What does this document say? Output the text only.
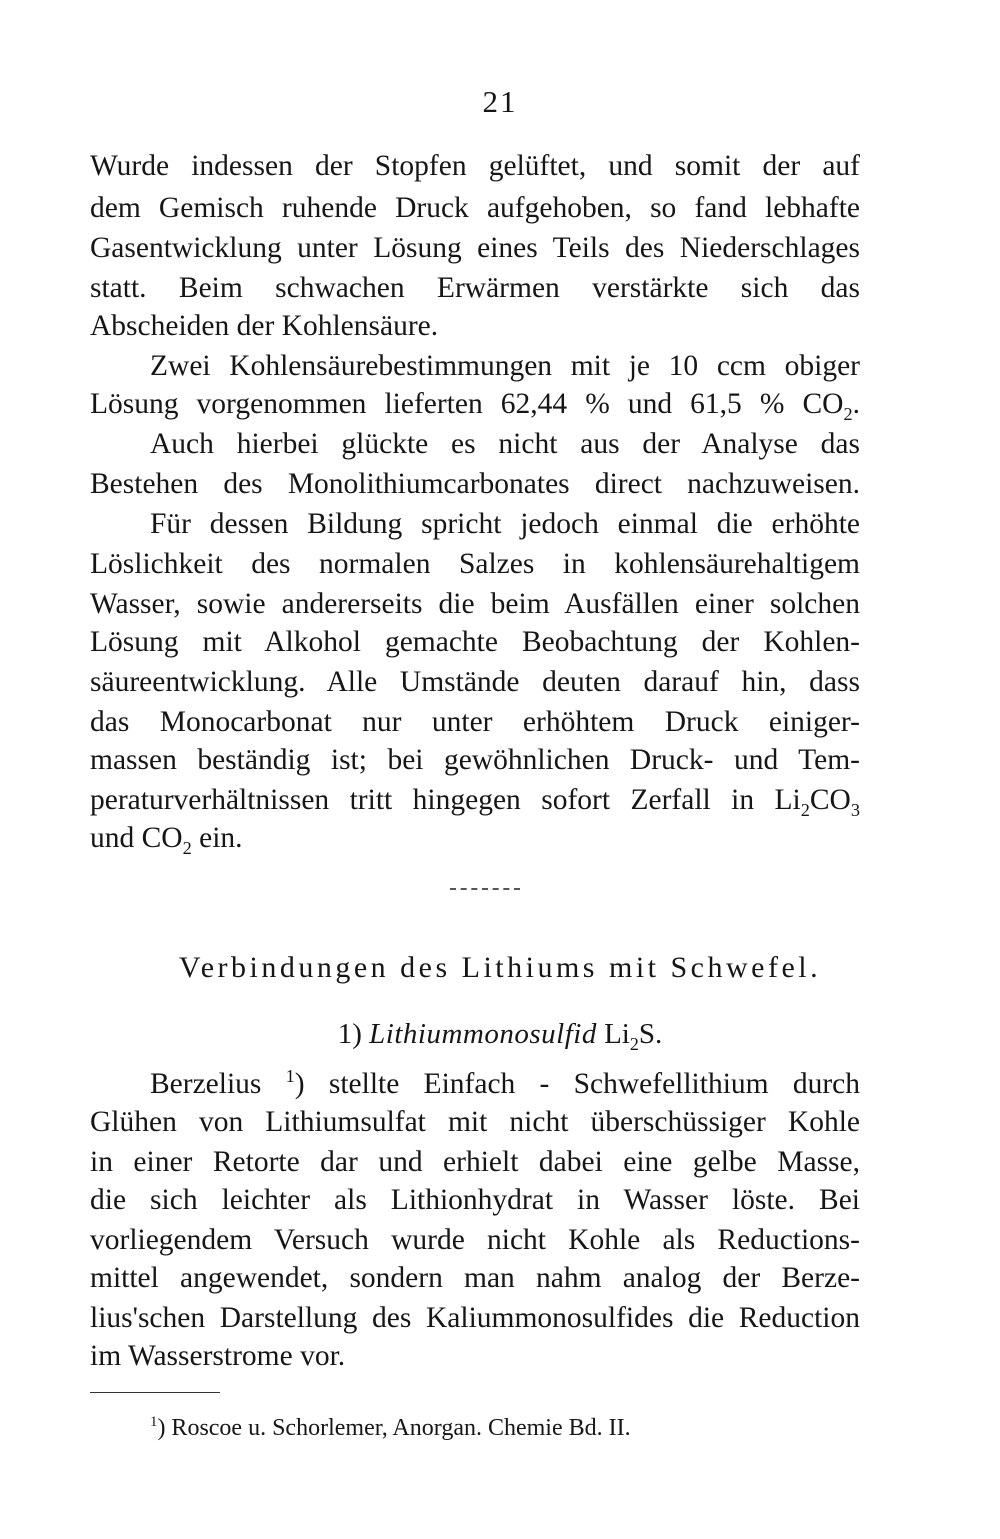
21
Wurde indessen der Stopfen gelüftet, und somit der auf
dem Gemisch ruhende Druck aufgehoben, so fand lebhafte
Gasentwicklung unter Lösung eines Teils des Niederschlages
statt. Beim schwachen Erwärmen verstärkte sich das
Abscheiden der Kohlensäure.
Zwei Kohlensäurebestimmungen mit je 10 ccm obiger
Lösung vorgenommen lieferten 62,44 % und 61,5 % $CO_2$.
Auch hierbei glückte es nicht aus der Analyse das
Bestehen des Monolithiumcarbonates direct nachzuweisen.
Für dessen Bildung spricht jedoch einmal die erhöhte
Löslichkeit des normalen Salzes in kohlensäurehaltigem
Wasser, sowie andererseits die beim Ausfällen einer solchen
Lösung mit Alkohol gemachte Beobachtung der Kohlen-
säureentwicklung. Alle Umstände deuten darauf hin, dass
das Monocarbonat nur unter erhöhtem Druck einiger-
massen beständig ist; bei gewöhnlichen Druck- und Tem-
peraturverhältnissen tritt hingegen sofort Zerfall in $Li_2CO_3$
und $CO_2$ ein.
Verbindungen des Lithiums mit Schwefel.
1) Lithiummonosulfid $Li_2S$.
Berzelius $^1$) stellte Einfach - Schwefellithium durch
Glühen von Lithiumsulfat mit nicht überschüssiger Kohle
in einer Retorte dar und erhielt dabei eine gelbe Masse,
die sich leichter als Lithionhydrat in Wasser löste. Bei
vorliegendem Versuch wurde nicht Kohle als Reductions-
mittel angewendet, sondern man nahm analog der Berze-
lius'schen Darstellung des Kaliummonosulfides die Reduction
im Wasserstrome vor.
$^1$) Roscoe u. Schorlemer, Anorgan. Chemie Bd. II.
